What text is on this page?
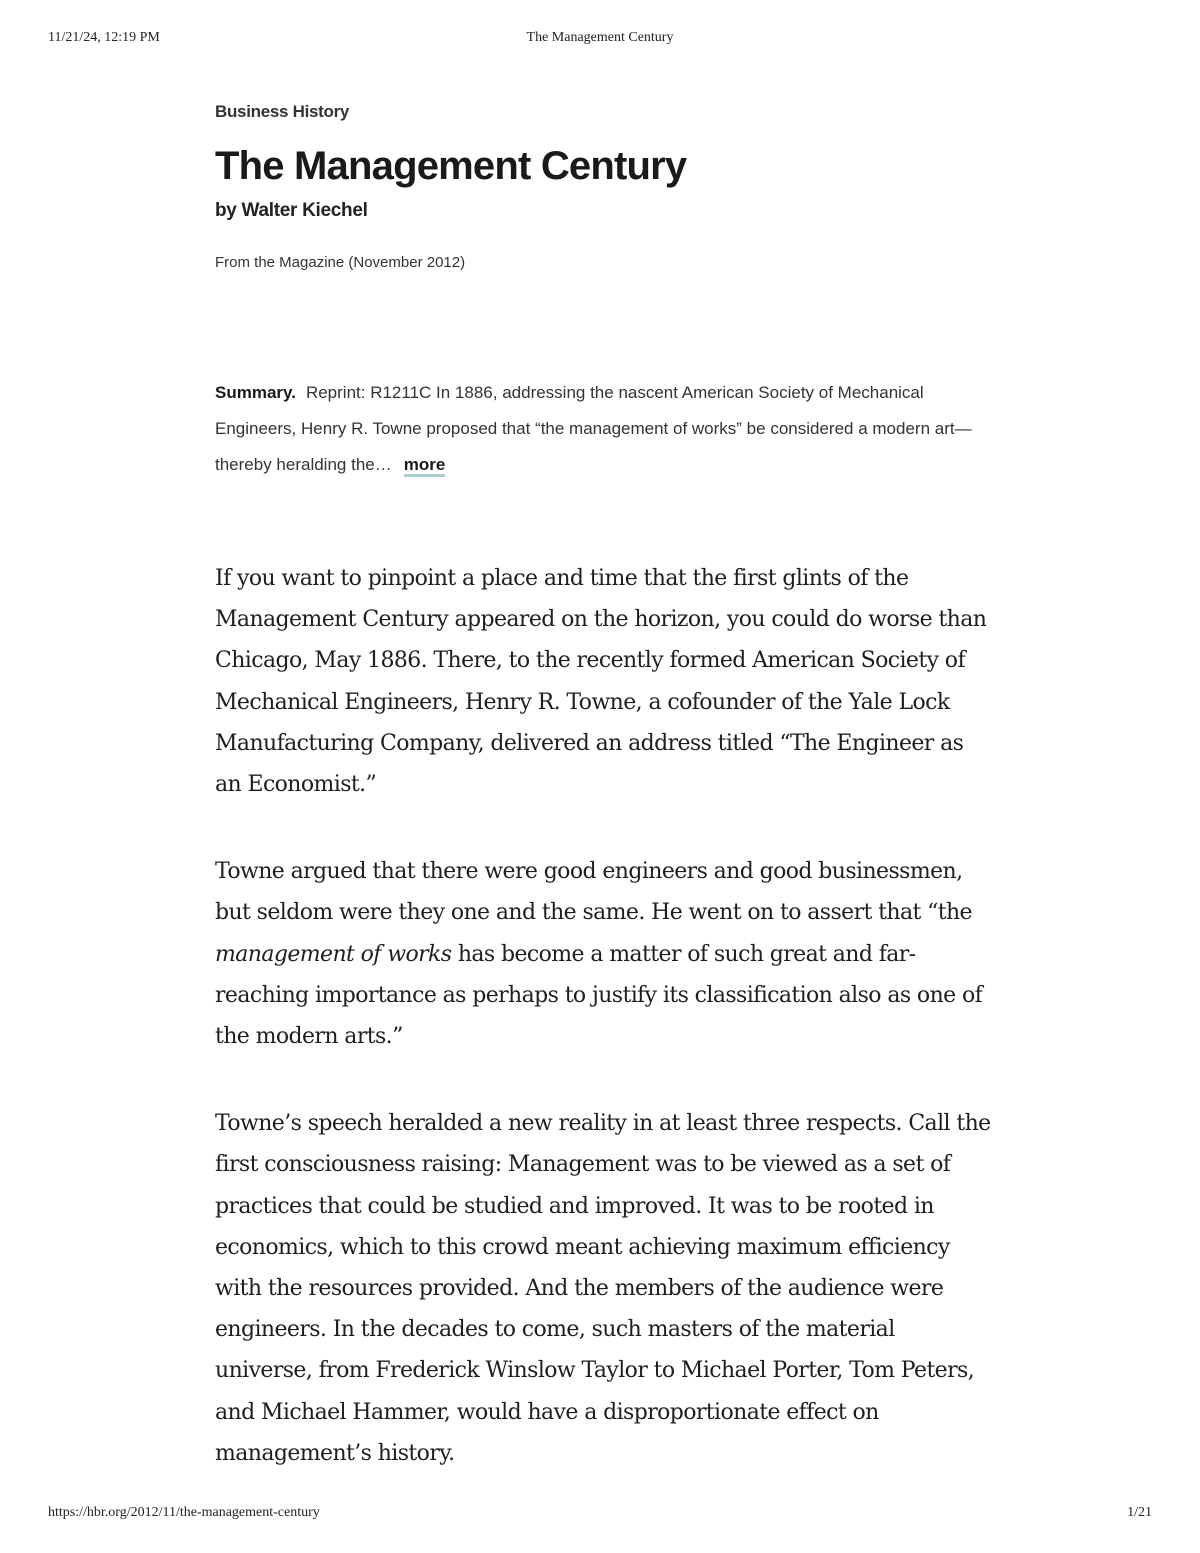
11/21/24, 12:19 PM	The Management Century
Business History
The Management Century
by Walter Kiechel
From the Magazine (November 2012)
Summary. Reprint: R1211C In 1886, addressing the nascent American Society of Mechanical Engineers, Henry R. Towne proposed that “the management of works” be considered a modern art—thereby heralding the… more

If you want to pinpoint a place and time that the first glints of the Management Century appeared on the horizon, you could do worse than Chicago, May 1886. There, to the recently formed American Society of Mechanical Engineers, Henry R. Towne, a cofounder of the Yale Lock Manufacturing Company, delivered an address titled “The Engineer as an Economist.”

Towne argued that there were good engineers and good businessmen, but seldom were they one and the same. He went on to assert that “the management of works has become a matter of such great and far-reaching importance as perhaps to justify its classification also as one of the modern arts.”

Towne’s speech heralded a new reality in at least three respects. Call the first consciousness raising: Management was to be viewed as a set of practices that could be studied and improved. It was to be rooted in economics, which to this crowd meant achieving maximum efficiency with the resources provided. And the members of the audience were engineers. In the decades to come, such masters of the material universe, from Frederick Winslow Taylor to Michael Porter, Tom Peters, and Michael Hammer, would have a disproportionate effect on management’s history.

https://hbr.org/2012/11/the-management-century	1/21
